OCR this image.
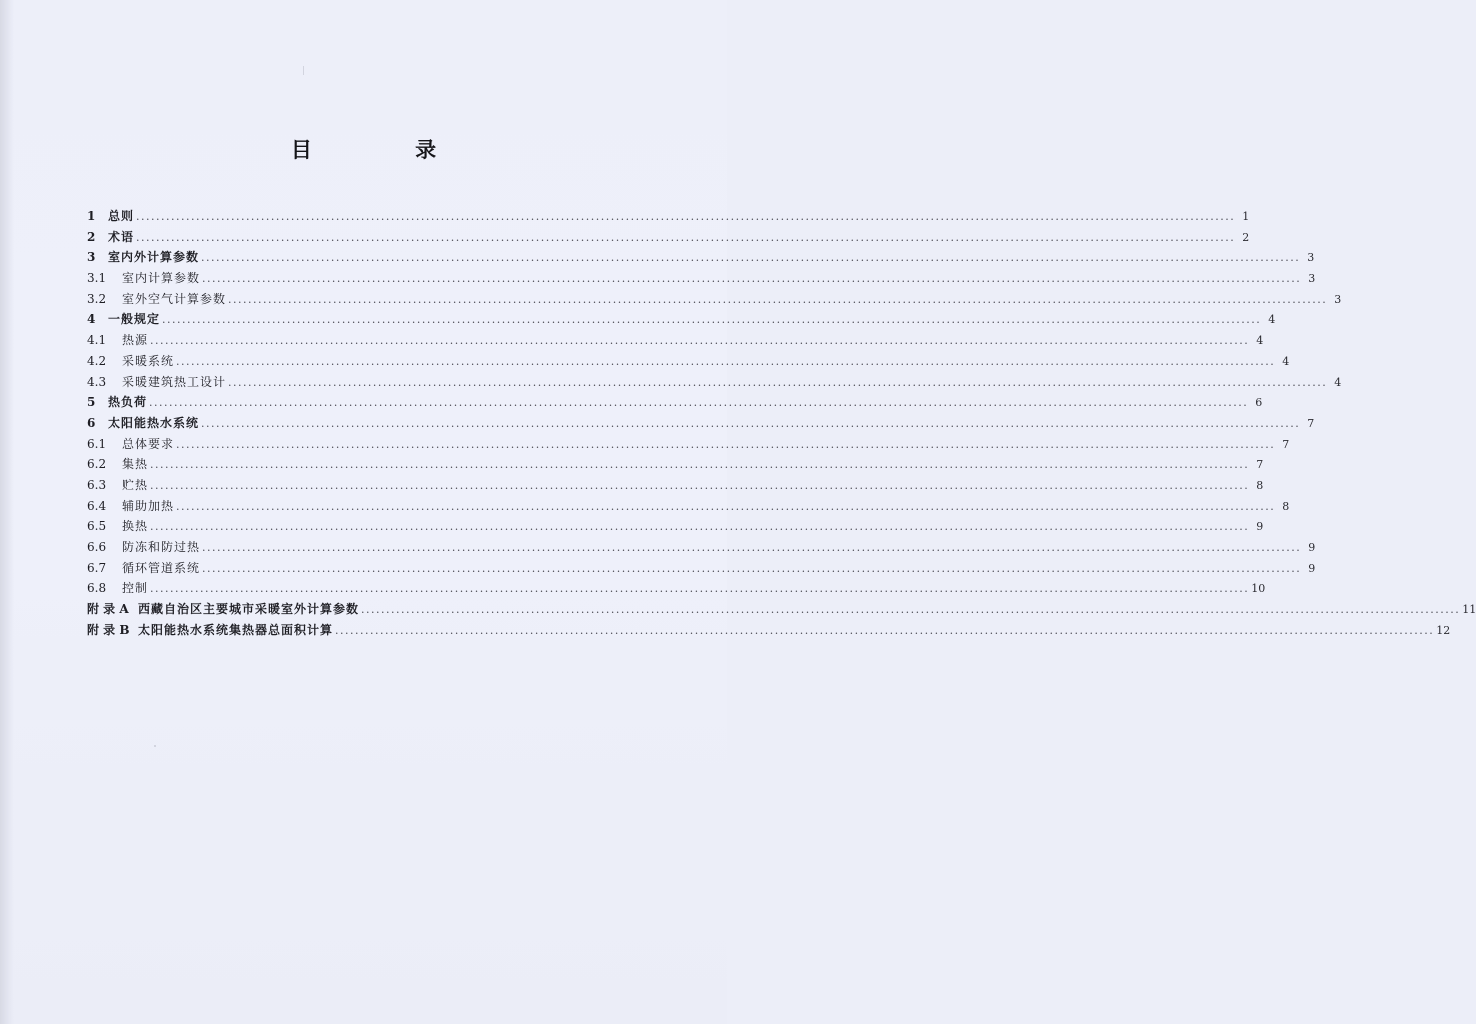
目 录
1	总则 ............................................................................................................................................................................................................................ 1
2	术语 ............................................................................................................................................................................................................................ 2
3	室内外计算参数 ............................................................................................................................................................................................................................ 3
3.1	室内计算参数 ............................................................................................................................................................................................................................ 3
3.2	室外空气计算参数 ............................................................................................................................................................................................................................ 3
4	一般规定 ............................................................................................................................................................................................................................ 4
4.1	热源 ............................................................................................................................................................................................................................ 4
4.2	采暖系统 ............................................................................................................................................................................................................................ 4
4.3	采暖建筑热工设计 ............................................................................................................................................................................................................................ 4
5	热负荷 ............................................................................................................................................................................................................................ 6
6	太阳能热水系统 ............................................................................................................................................................................................................................ 7
6.1	总体要求 ............................................................................................................................................................................................................................ 7
6.2	集热 ............................................................................................................................................................................................................................ 7
6.3	贮热 ............................................................................................................................................................................................................................ 8
6.4	辅助加热 ............................................................................................................................................................................................................................ 8
6.5	换热 ............................................................................................................................................................................................................................ 9
6.6	防冻和防过热 ............................................................................................................................................................................................................................ 9
6.7	循环管道系统 ............................................................................................................................................................................................................................ 9
6.8	控制 ............................................................................................................................................................................................................................ 10
附 录 A 西藏自治区主要城市采暖室外计算参数 ............................................................................................................................................................................................................................ 11
附 录 B 太阳能热水系统集热器总面积计算 ............................................................................................................................................................................................................................ 12
